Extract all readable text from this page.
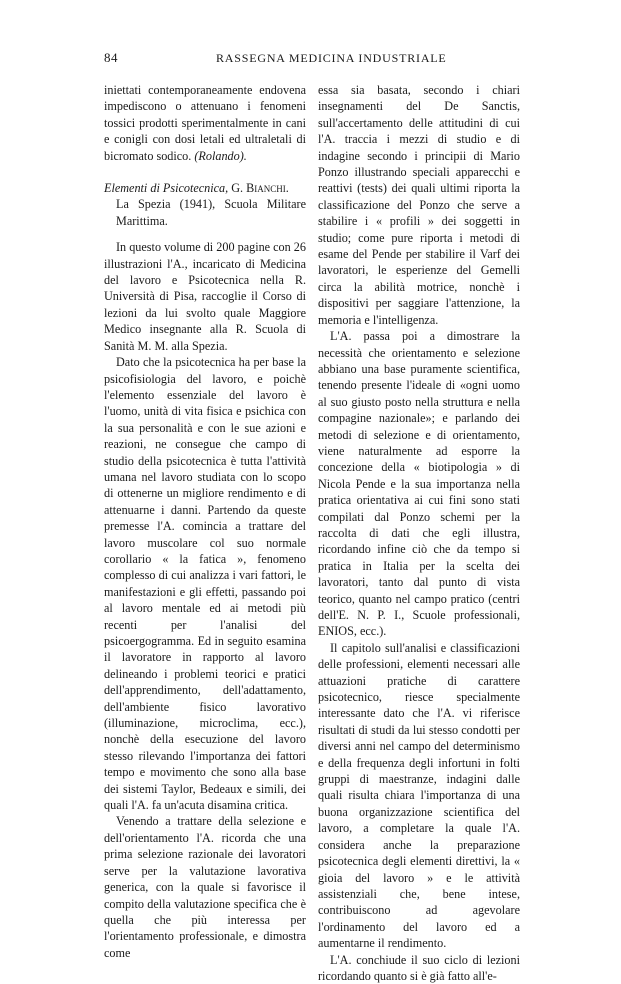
84	RASSEGNA MEDICINA INDUSTRIALE

iniettati contemporaneamente endovena impediscono o attenuano i fenomeni tossici prodotti sperimentalmente in cani e conigli con dosi letali ed ultraletali di bicromato sodico. (Rolando).

Elementi di Psicotecnica, G. Bianchi.

La Spezia (1941), Scuola Militare Marittima.

In questo volume di 200 pagine con 26 illustrazioni l'A., incaricato di Medicina del lavoro e Psicotecnica nella R. Università di Pisa, raccoglie il Corso di lezioni da lui svolto quale Maggiore Medico insegnante alla R. Scuola di Sanità M. M. alla Spezia.

Dato che la psicotecnica ha per base la psicofisiologia del lavoro, e poichè l'elemento essenziale del lavoro è l'uomo, unità di vita fisica e psichica con la sua personalità e con le sue azioni e reazioni, ne consegue che campo di studio della psicotecnica è tutta l'attività umana nel lavoro studiata con lo scopo di ottenerne un migliore rendimento e di attenuarne i danni. Partendo da queste premesse l'A. comincia a trattare del lavoro muscolare col suo normale corollario « la fatica », fenomeno complesso di cui analizza i vari fattori, le manifestazioni e gli effetti, passando poi al lavoro mentale ed ai metodi più recenti per l'analisi del psicoergogramma. Ed in seguito esamina il lavoratore in rapporto al lavoro delineando i problemi teorici e pratici dell'apprendimento, dell'adattamento, dell'ambiente fisico lavorativo (illuminazione, microclima, ecc.), nonchè della esecuzione del lavoro stesso rilevando l'importanza dei fattori tempo e movimento che sono alla base dei sistemi Taylor, Bedeaux e simili, dei quali l'A. fa un'acuta disamina critica.

Venendo a trattare della selezione e dell'orientamento l'A. ricorda che una prima selezione razionale dei lavoratori serve per la valutazione lavorativa generica, con la quale si favorisce il compito della valutazione specifica che è quella che più interessa per l'orientamento professionale, e dimostra come

essa sia basata, secondo i chiari insegnamenti del De Sanctis, sull'accertamento delle attitudini di cui l'A. traccia i mezzi di studio e di indagine secondo i principii di Mario Ponzo illustrando speciali apparecchi e reattivi (tests) dei quali ultimi riporta la classificazione del Ponzo che serve a stabilire i « profili » dei soggetti in studio; come pure riporta i metodi di esame del Pende per stabilire il Varf dei lavoratori, le esperienze del Gemelli circa la abilità motrice, nonchè i dispositivi per saggiare l'attenzione, la memoria e l'intelligenza.

L'A. passa poi a dimostrare la necessità che orientamento e selezione abbiano una base puramente scientifica, tenendo presente l'ideale di «ogni uomo al suo giusto posto nella struttura e nella compagine nazionale»; e parlando dei metodi di selezione e di orientamento, viene naturalmente ad esporre la concezione della « biotipologia » di Nicola Pende e la sua importanza nella pratica orientativa ai cui fini sono stati compilati dal Ponzo schemi per la raccolta di dati che egli illustra, ricordando infine ciò che da tempo si pratica in Italia per la scelta dei lavoratori, tanto dal punto di vista teorico, quanto nel campo pratico (centri dell'E. N. P. I., Scuole professionali, ENIOS, ecc.).

Il capitolo sull'analisi e classificazioni delle professioni, elementi necessari alle attuazioni pratiche di carattere psicotecnico, riesce specialmente interessante dato che l'A. vi riferisce risultati di studi da lui stesso condotti per diversi anni nel campo del determinismo e della frequenza degli infortuni in folti gruppi di maestranze, indagini dalle quali risulta chiara l'importanza di una buona organizzazione scientifica del lavoro, a completare la quale l'A. considera anche la preparazione psicotecnica degli elementi direttivi, la « gioia del lavoro » e le attività assistenziali che, bene intese, contribuiscono ad agevolare l'ordinamento del lavoro ed a aumentarne il rendimento.

L'A. conchiude il suo ciclo di lezioni ricordando quanto si è già fatto all'e-
